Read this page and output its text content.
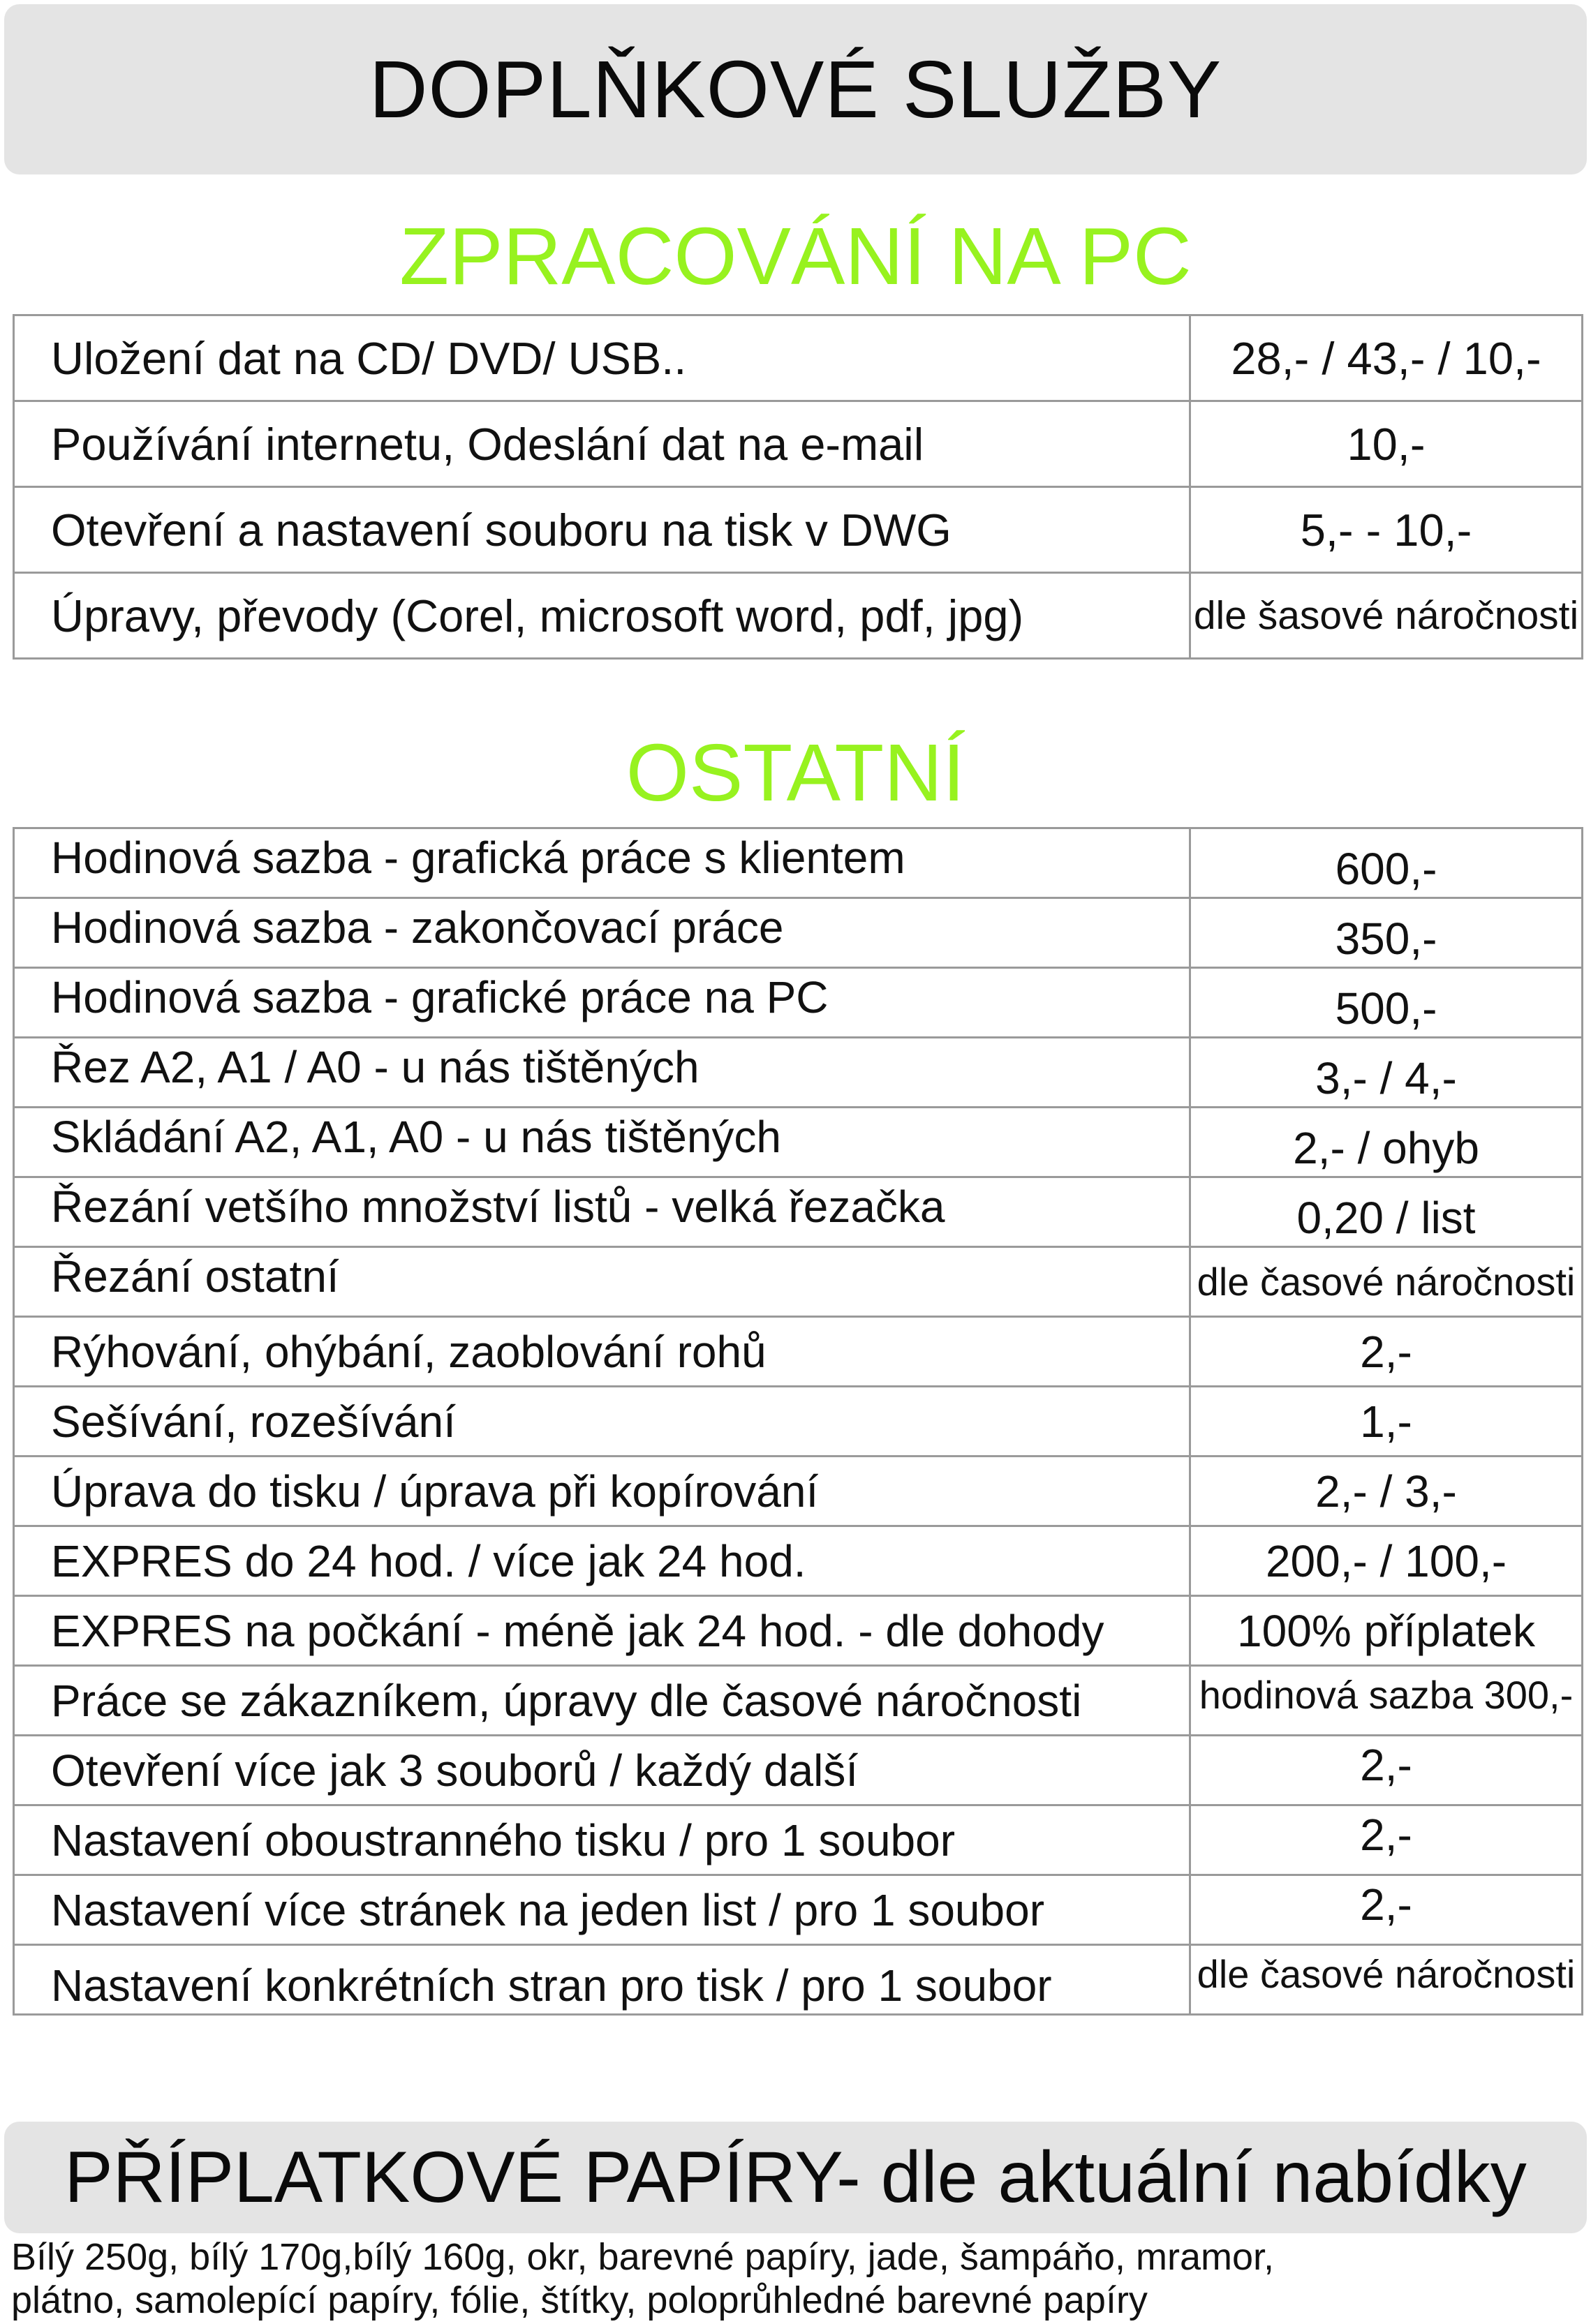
DOPLŇKOVÉ SLUŽBY
ZPRACOVÁNÍ NA PC
Uložení dat na CD/ DVD/ USB..	28,- / 43,- / 10,-
Používání internetu, Odeslání dat na e-mail	10,-
Otevření a nastavení souboru na tisk v DWG	5,- - 10,-
Úpravy, převody (Corel, microsoft word, pdf, jpg)	dle šasové náročnosti
OSTATNÍ
Hodinová sazba - grafická práce s klientem	600,-
Hodinová sazba - zakončovací práce	350,-
Hodinová sazba - grafické práce na PC	500,-
Řez A2, A1 / A0 - u nás tištěných	3,- / 4,-
Skládání A2, A1, A0 - u nás tištěných	2,- / ohyb
Řezání vetšího množství listů - velká řezačka	0,20 / list
Řezání ostatní	dle časové náročnosti
Rýhování, ohýbání, zaoblování rohů	2,-
Sešívání, rozešívání	1,-
Úprava do tisku / úprava při kopírování	2,- / 3,-
EXPRES do 24 hod. / více jak 24 hod.	200,- / 100,-
EXPRES na počkání - méně jak 24 hod. - dle dohody	100% příplatek
Práce se zákazníkem, úpravy dle časové náročnosti	hodinová sazba 300,-
Otevření více jak 3 souborů / každý další	2,-
Nastavení oboustranného tisku / pro 1 soubor	2,-
Nastavení více stránek na jeden list / pro 1 soubor	2,-
Nastavení konkrétních stran pro tisk / pro 1 soubor	dle časové náročnosti
PŘÍPLATKOVÉ PAPÍRY- dle aktuální nabídky
Bílý 250g, bílý 170g,bílý 160g, okr, barevné papíry, jade, šampáňo, mramor,
plátno, samolepící papíry, fólie, štítky, poloprůhledné barevné papíry
